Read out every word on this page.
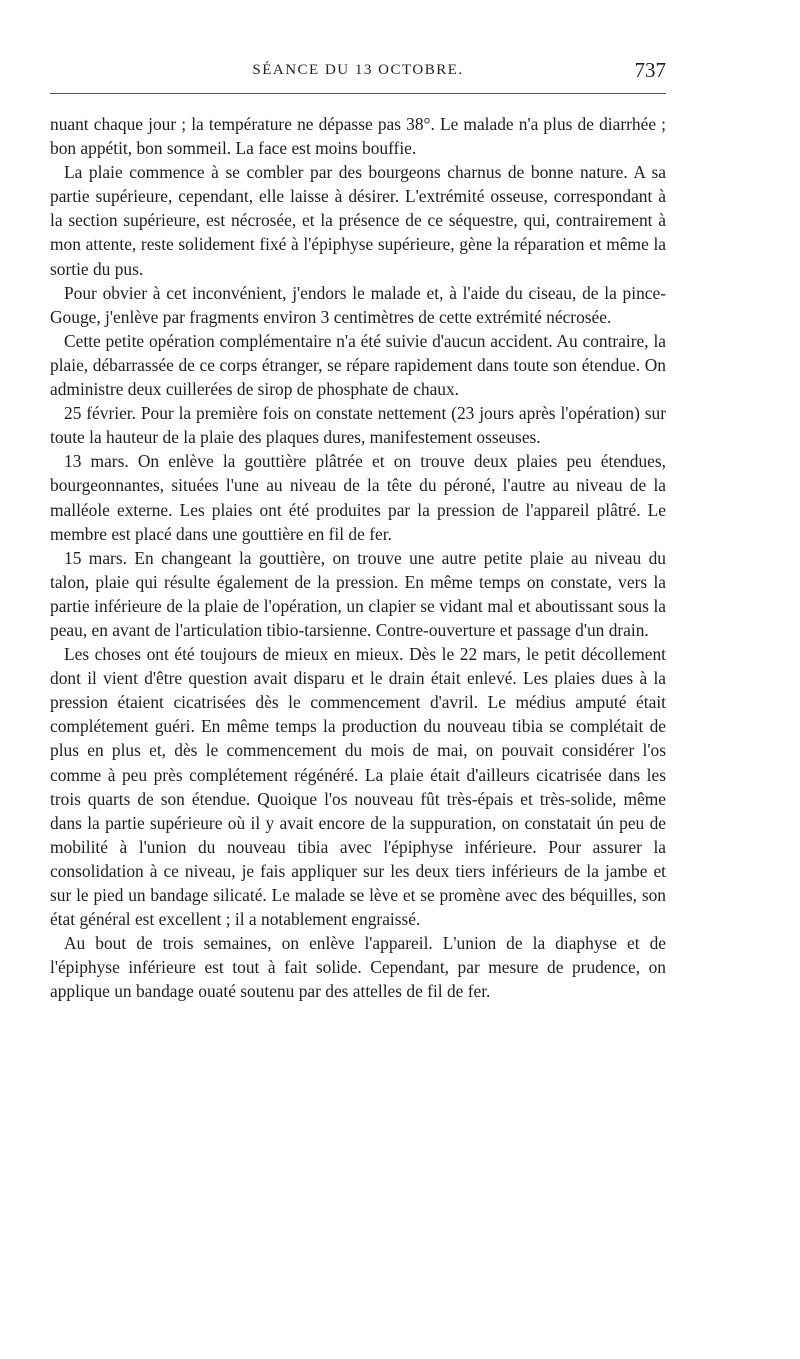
SÉANCE DU 13 OCTOBRE.	737

nuant chaque jour ; la température ne dépasse pas 38°. Le malade n'a plus de diarrhée ; bon appétit, bon sommeil. La face est moins bouffie.

La plaie commence à se combler par des bourgeons charnus de bonne nature. A sa partie supérieure, cependant, elle laisse à désirer. L'extrémité osseuse, correspondant à la section supérieure, est nécrosée, et la présence de ce séquestre, qui, contrairement à mon attente, reste solidement fixé à l'épiphyse supérieure, gène la réparation et même la sortie du pus.

Pour obvier à cet inconvénient, j'endors le malade et, à l'aide du ciseau, de la pince-Gouge, j'enlève par fragments environ 3 centimètres de cette extrémité nécrosée.

Cette petite opération complémentaire n'a été suivie d'aucun accident. Au contraire, la plaie, débarrassée de ce corps étranger, se répare rapidement dans toute son étendue. On administre deux cuillerées de sirop de phosphate de chaux.

25 février. Pour la première fois on constate nettement (23 jours après l'opération) sur toute la hauteur de la plaie des plaques dures, manifestement osseuses.

13 mars. On enlève la gouttière plâtrée et on trouve deux plaies peu étendues, bourgeonnantes, situées l'une au niveau de la tête du péroné, l'autre au niveau de la malléole externe. Les plaies ont été produites par la pression de l'appareil plâtré. Le membre est placé dans une gouttière en fil de fer.

15 mars. En changeant la gouttière, on trouve une autre petite plaie au niveau du talon, plaie qui résulte également de la pression. En même temps on constate, vers la partie inférieure de la plaie de l'opération, un clapier se vidant mal et aboutissant sous la peau, en avant de l'articulation tibio-tarsienne. Contre-ouverture et passage d'un drain.

Les choses ont été toujours de mieux en mieux. Dès le 22 mars, le petit décollement dont il vient d'être question avait disparu et le drain était enlevé. Les plaies dues à la pression étaient cicatrisées dès le commencement d'avril. Le médius amputé était complétement guéri. En même temps la production du nouveau tibia se complétait de plus en plus et, dès le commencement du mois de mai, on pouvait considérer l'os comme à peu près complétement régénéré. La plaie était d'ailleurs cicatrisée dans les trois quarts de son étendue. Quoique l'os nouveau fût très-épais et très-solide, même dans la partie supérieure où il y avait encore de la suppuration, on constatait ún peu de mobilité à l'union du nouveau tibia avec l'épiphyse inférieure. Pour assurer la consolidation à ce niveau, je fais appliquer sur les deux tiers inférieurs de la jambe et sur le pied un bandage silicaté. Le malade se lève et se promène avec des béquilles, son état général est excellent ; il a notablement engraissé.

Au bout de trois semaines, on enlève l'appareil. L'union de la diaphyse et de l'épiphyse inférieure est tout à fait solide. Cependant, par mesure de prudence, on applique un bandage ouaté soutenu par des attelles de fil de fer.
